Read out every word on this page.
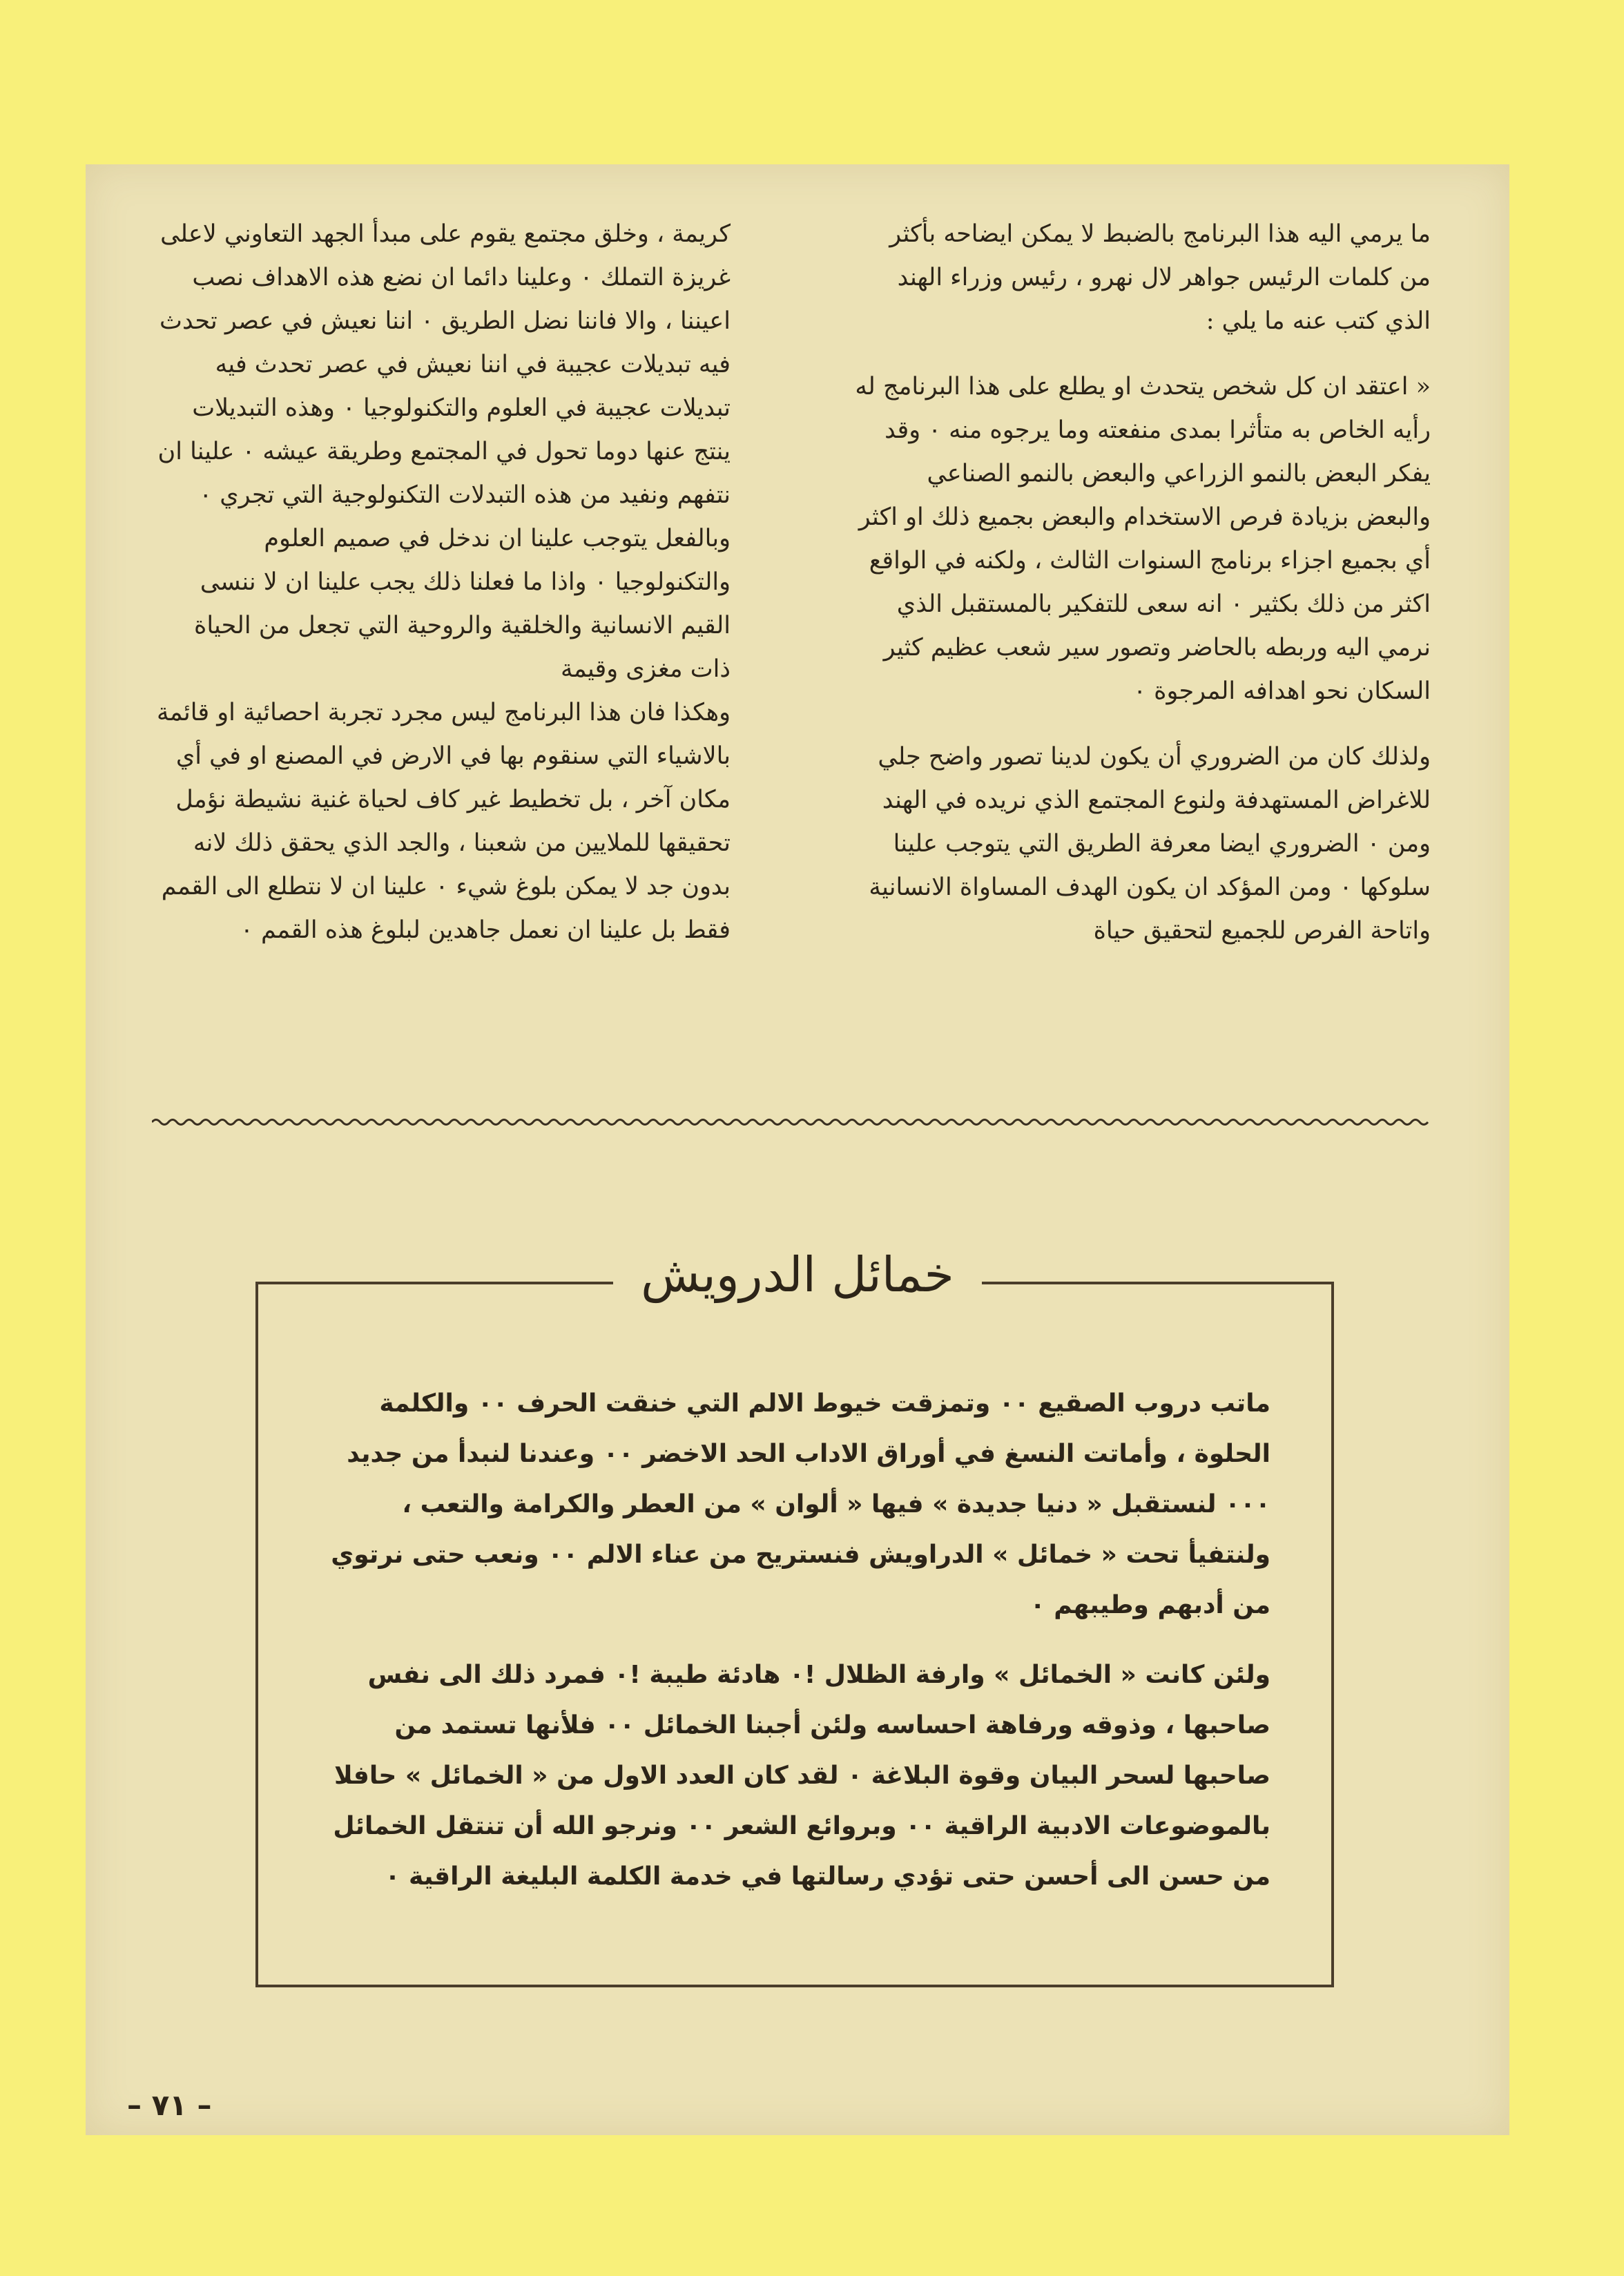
ما يرمي اليه هذا البرنامج بالضبط لا يمكن ايضاحه بأكثر من كلمات الرئيس جواهر لال نهرو ، رئيس وزراء الهند الذي كتب عنه ما يلي :

« اعتقد ان كل شخص يتحدث او يطلع على هذا البرنامج له رأيه الخاص به متأثرا بمدى منفعته وما يرجوه منه ٠ وقد يفكر البعض بالنمو الزراعي والبعض بالنمو الصناعي والبعض بزيادة فرص الاستخدام والبعض بجميع ذلك او اكثر أي بجميع اجزاء برنامج السنوات الثالث ، ولكنه في الواقع اكثر من ذلك بكثير ٠ انه سعى للتفكير بالمستقبل الذي نرمي اليه وربطه بالحاضر وتصور سير شعب عظيم كثير السكان نحو اهدافه المرجوة ٠

ولذلك كان من الضروري أن يكون لدينا تصور واضح جلي للاغراض المستهدفة ولنوع المجتمع الذي نريده في الهند ومن ٠ الضروري ايضا معرفة الطريق التي يتوجب علينا سلوكها ٠ ومن المؤكد ان يكون الهدف المساواة الانسانية واتاحة الفرص للجميع لتحقيق حياة

كريمة ، وخلق مجتمع يقوم على مبدأ الجهد التعاوني لاعلى غريزة التملك ٠ وعلينا دائما ان نضع هذه الاهداف نصب اعيننا ، والا فاننا نضل الطريق ٠ اننا نعيش في عصر تحدث فيه تبديلات عجيبة في اننا نعيش في عصر تحدث فيه تبديلات عجيبة في العلوم والتكنولوجيا ٠ وهذه التبديلات ينتج عنها دوما تحول في المجتمع وطريقة عيشه ٠ علينا ان نتفهم ونفيد من هذه التبدلات التكنولوجية التي تجري ٠ وبالفعل يتوجب علينا ان ندخل في صميم العلوم والتكنولوجيا ٠ واذا ما فعلنا ذلك يجب علينا ان لا ننسى القيم الانسانية والخلقية والروحية التي تجعل من الحياة ذات مغزى وقيمة

وهكذا فان هذا البرنامج ليس مجرد تجربة احصائية او قائمة بالاشياء التي سنقوم بها في الارض في المصنع او في أي مكان آخر ، بل تخطيط غير كاف لحياة غنية نشيطة نؤمل تحقيقها للملايين من شعبنا ، والجد الذي يحقق ذلك لانه بدون جد لا يمكن بلوغ شيء ٠ علينا ان لا نتطلع الى القمم فقط بل علينا ان نعمل جاهدين لبلوغ هذه القمم ٠

خمائل الدرويش

ماتب دروب الصقيع ٠٠ وتمزقت خيوط الالم التي خنقت الحرف ٠٠ والكلمة الحلوة ، وأماتت النسغ في أوراق الاداب الحد الاخضر ٠٠ وعندنا لنبدأ من جديد ٠٠٠ لنستقبل « دنيا جديدة » فيها « ألوان » من العطر والكرامة والتعب ، ولنتفيأ تحت « خمائل » الدراويش فنستريح من عناء الالم ٠٠ ونعب حتى نرتوي من أدبهم وطيبهم ٠

ولئن كانت « الخمائل » وارفة الظلال !٠ هادئة طيبة !٠ فمرد ذلك الى نفس صاحبها ، وذوقه ورفاهة احساسه ولئن أجبنا الخمائل ٠٠ فلأنها تستمد من صاحبها لسحر البيان وقوة البلاغة ٠ لقد كان العدد الاول من « الخمائل » حافلا بالموضوعات الادبية الراقية ٠٠ وبروائع الشعر ٠٠ ونرجو الله أن تنتقل الخمائل من حسن الى أحسن حتى تؤدي رسالتها في خدمة الكلمة البليغة الراقية ٠

– ٧١ –
